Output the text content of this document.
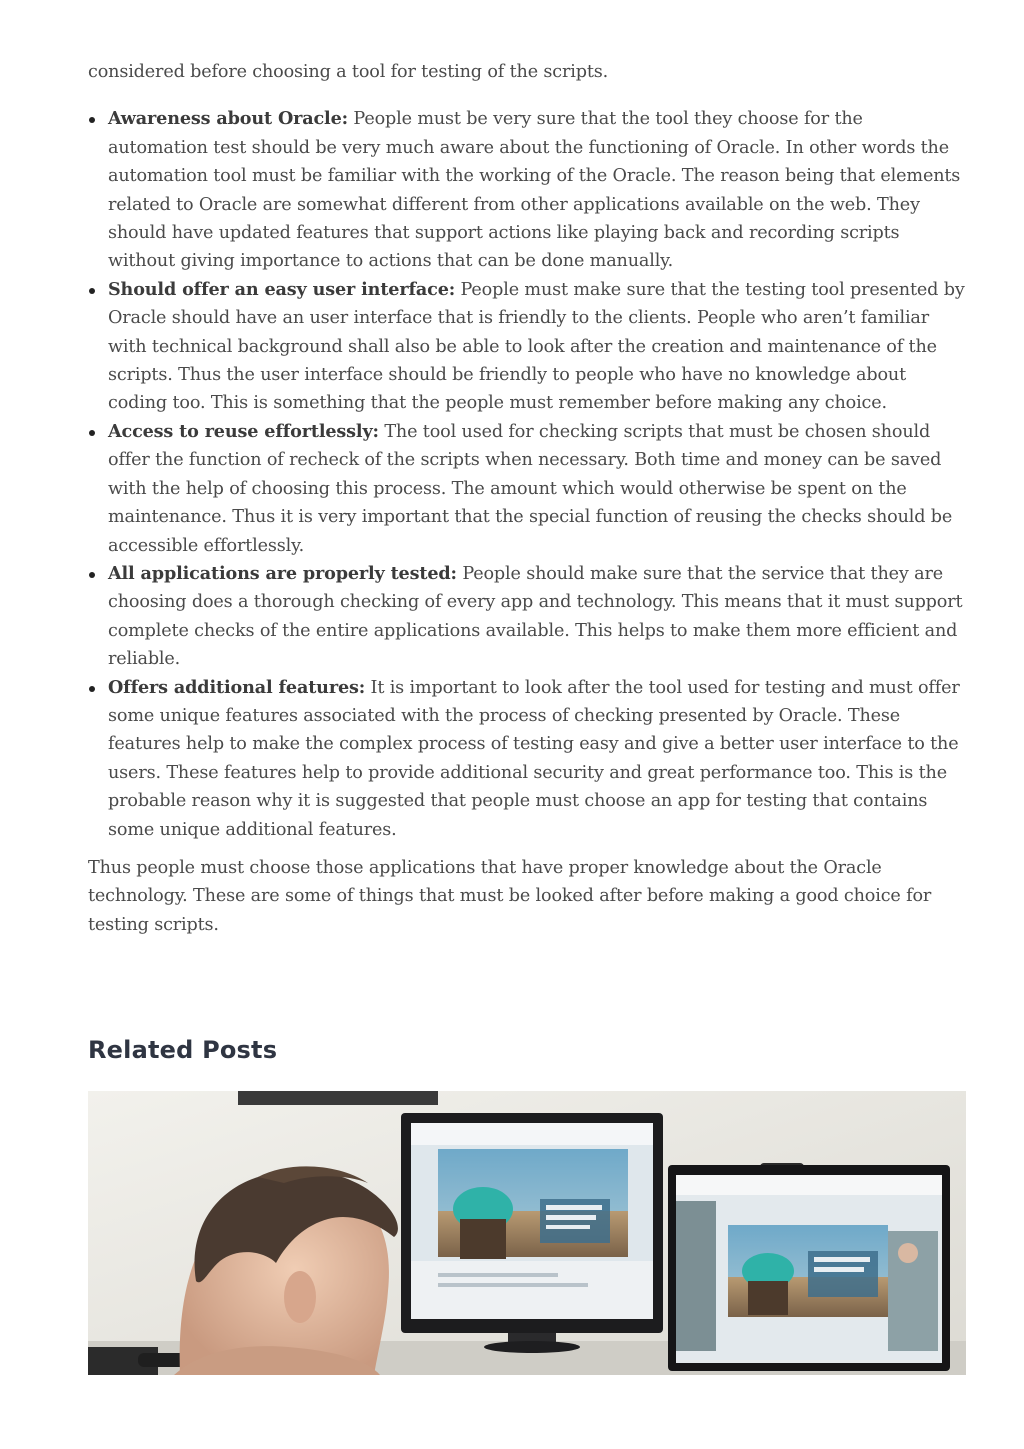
considered before choosing a tool for testing of the scripts.

Awareness about Oracle: People must be very sure that the tool they choose for the automation test should be very much aware about the functioning of Oracle. In other words the automation tool must be familiar with the working of the Oracle. The reason being that elements related to Oracle are somewhat different from other applications available on the web. They should have updated features that support actions like playing back and recording scripts without giving importance to actions that can be done manually.
Should offer an easy user interface: People must make sure that the testing tool presented by Oracle should have an user interface that is friendly to the clients. People who aren’t familiar with technical background shall also be able to look after the creation and maintenance of the scripts. Thus the user interface should be friendly to people who have no knowledge about coding too. This is something that the people must remember before making any choice.
Access to reuse effortlessly: The tool used for checking scripts that must be chosen should offer the function of recheck of the scripts when necessary. Both time and money can be saved with the help of choosing this process. The amount which would otherwise be spent on the maintenance. Thus it is very important that the special function of reusing the checks should be accessible effortlessly.
All applications are properly tested: People should make sure that the service that they are choosing does a thorough checking of every app and technology. This means that it must support complete checks of the entire applications available. This helps to make them more efficient and reliable.
Offers additional features: It is important to look after the tool used for testing and must offer some unique features associated with the process of checking presented by Oracle. These features help to make the complex process of testing easy and give a better user interface to the users. These features help to provide additional security and great performance too. This is the probable reason why it is suggested that people must choose an app for testing that contains some unique additional features.

Thus people must choose those applications that have proper knowledge about the Oracle technology. These are some of things that must be looked after before making a good choice for testing scripts.

Related Posts
